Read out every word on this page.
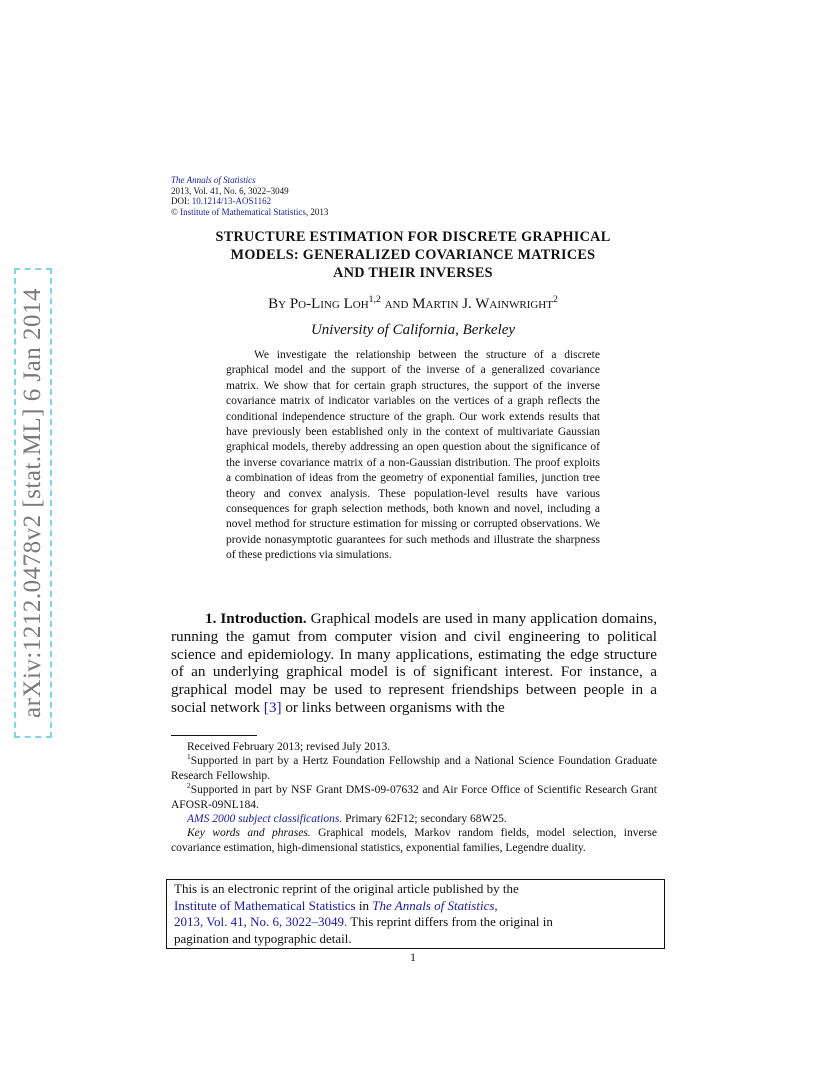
arXiv:1212.0478v2 [stat.ML] 6 Jan 2014
The Annals of Statistics
2013, Vol. 41, No. 6, 3022–3049
DOI: 10.1214/13-AOS1162
© Institute of Mathematical Statistics, 2013
STRUCTURE ESTIMATION FOR DISCRETE GRAPHICAL
MODELS: GENERALIZED COVARIANCE MATRICES
AND THEIR INVERSES
By Po-Ling Loh$^{1,2}$ and Martin J. Wainwright$^2$
University of California, Berkeley
We investigate the relationship between the structure of a discrete graphical model and the support of the inverse of a generalized covariance matrix. We show that for certain graph structures, the support of the inverse covariance matrix of indicator variables on the vertices of a graph reflects the conditional independence structure of the graph. Our work extends results that have previously been established only in the context of multivariate Gaussian graphical models, thereby addressing an open question about the significance of the inverse covariance matrix of a non-Gaussian distribution. The proof exploits a combination of ideas from the geometry of exponential families, junction tree theory and convex analysis. These population-level results have various consequences for graph selection methods, both known and novel, including a novel method for structure estimation for missing or corrupted observations. We provide nonasymptotic guarantees for such methods and illustrate the sharpness of these predictions via simulations.
1. Introduction. Graphical models are used in many application domains, running the gamut from computer vision and civil engineering to political science and epidemiology. In many applications, estimating the edge structure of an underlying graphical model is of significant interest. For instance, a graphical model may be used to represent friendships between people in a social network [3] or links between organisms with the

Received February 2013; revised July 2013.

$^1$Supported in part by a Hertz Foundation Fellowship and a National Science Foundation Graduate Research Fellowship.

$^2$Supported in part by NSF Grant DMS-09-07632 and Air Force Office of Scientific Research Grant AFOSR-09NL184.

AMS 2000 subject classifications. Primary 62F12; secondary 68W25.

Key words and phrases. Graphical models, Markov random fields, model selection, inverse covariance estimation, high-dimensional statistics, exponential families, Legendre duality.

This is an electronic reprint of the original article published by the
Institute of Mathematical Statistics in The Annals of Statistics,
2013, Vol. 41, No. 6, 3022–3049. This reprint differs from the original in
pagination and typographic detail.
1
